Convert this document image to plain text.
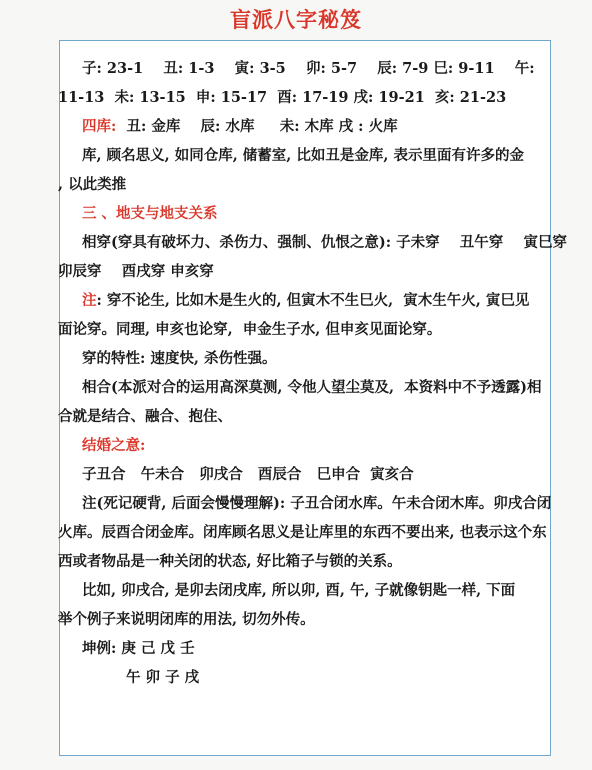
盲派八字秘笈
子: 23-1    丑: 1-3    寅: 3-5    卯: 5-7    辰: 7-9 巳: 9-11    午:
11-13  未: 13-15  申: 15-17  酉: 17-19 戌: 19-21  亥: 21-23
四库:  丑: 金库    辰: 水库     未: 木库 戌 : 火库
库, 顾名思义, 如同仓库, 储蓄室, 比如丑是金库, 表示里面有许多的金
, 以此类推
三 、地支与地支关系
相穿(穿具有破坏力、杀伤力、强制、仇恨之意): 子未穿    丑午穿    寅巳穿
卯辰穿    酉戌穿 申亥穿
注: 穿不论生, 比如木是生火的, 但寅木不生巳火,  寅木生午火, 寅巳见
面论穿。同理, 申亥也论穿,  申金生子水, 但申亥见面论穿。
穿的特性: 速度快, 杀伤性强。
相合(本派对合的运用高深莫测, 令他人望尘莫及,  本资料中不予透露)相
合就是结合、融合、抱住、
结婚之意:
子丑合   午未合   卯戌合   酉辰合   巳申合  寅亥合
注(死记硬背, 后面会慢慢理解): 子丑合闭水库。午未合闭木库。卯戌合闭
火库。辰酉合闭金库。闭库顾名思义是让库里的东西不要出来, 也表示这个东
西或者物品是一种关闭的状态, 好比箱子与锁的关系。
比如, 卯戌合, 是卯去闭戌库, 所以卯, 酉, 午, 子就像钥匙一样, 下面
举个例子来说明闭库的用法, 切勿外传。
坤例: 庚 己 戊 壬
午 卯 子 戌
